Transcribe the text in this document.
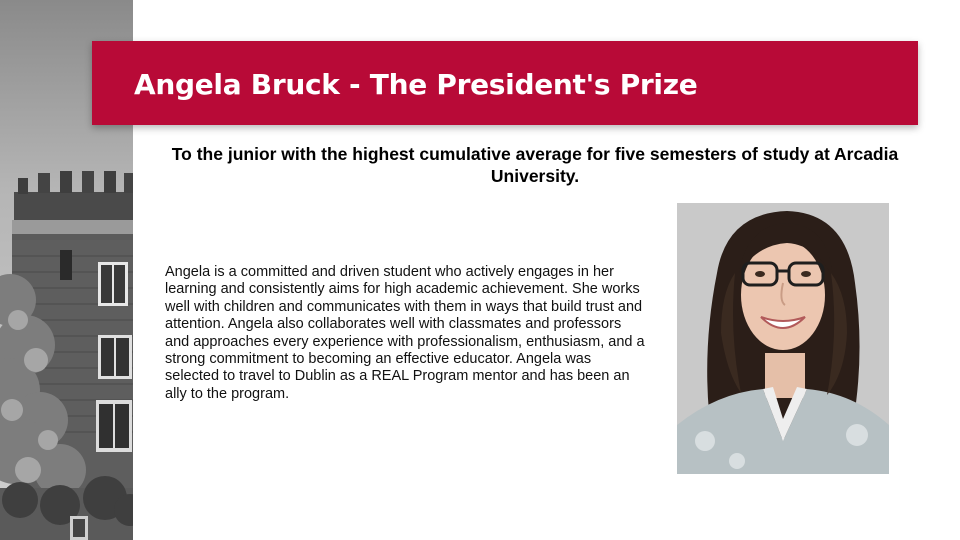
Angela Bruck - The President's Prize
To the junior with the highest cumulative average for five semesters of study at Arcadia University.
Angela is a committed and driven student who actively engages in her learning and consistently aims for high academic achievement. She works well with children and communicates with them in ways that build trust and attention. Angela also collaborates well with classmates and professors and approaches every experience with professionalism, enthusiasm, and a strong commitment to becoming an effective educator. Angela was selected to travel to Dublin as a REAL Program mentor and has been an ally to the program.
